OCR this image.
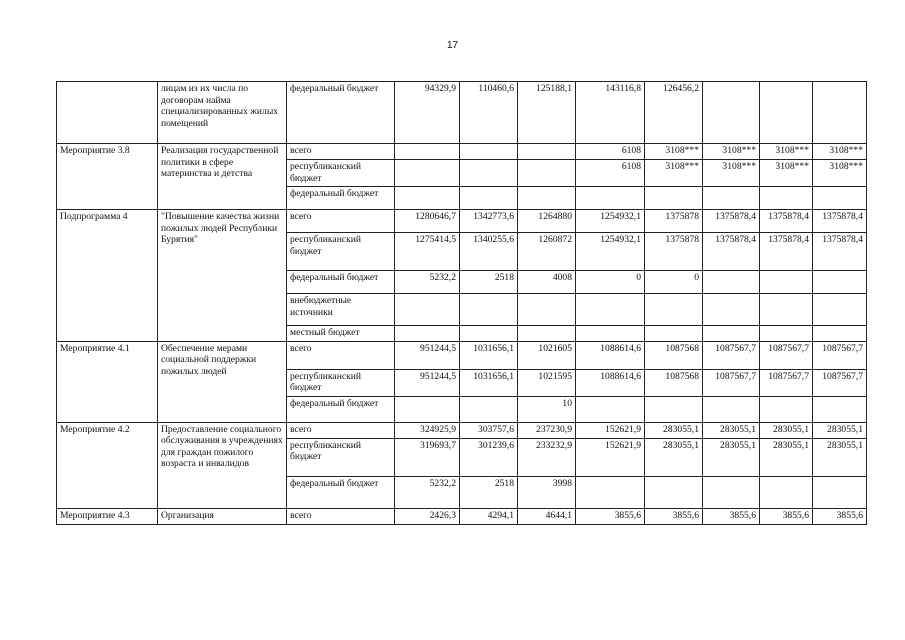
17
	лицам из их числа по договорам найма специализированных жилых помещений	федеральный бюджет	94329,9	110460,6	125188,1	143116,8	126456,2			
Мероприятие 3.8	Реализация государственной политики в сфере материнства и детства	всего				6108	3108***	3108***	3108***	3108***
		республиканский бюджет				6108	3108***	3108***	3108***	3108***
		федеральный бюджет								
Подпрограмма 4	"Повышение качества жизни пожилых людей Республики Бурятия"	всего	1280646,7	1342773,6	1264880	1254932,1	1375878	1375878,4	1375878,4	1375878,4
		республиканский бюджет	1275414,5	1340255,6	1260872	1254932,1	1375878	1375878,4	1375878,4	1375878,4
		федеральный бюджет	5232,2	2518	4008	0	0			
		внебюджетные источники								
		местный бюджет								
Мероприятие 4.1	Обеспечение мерами социальной поддержки пожилых людей	всего	951244,5	1031656,1	1021605	1088614,6	1087568	1087567,7	1087567,7	1087567,7
		республиканский бюджет	951244,5	1031656,1	1021595	1088614,6	1087568	1087567,7	1087567,7	1087567,7
		федеральный бюджет			10					
Мероприятие 4.2	Предоставление социального обслуживания в учреждениях для граждан пожилого возраста и инвалидов	всего	324925,9	303757,6	237230,9	152621,9	283055,1	283055,1	283055,1	283055,1
		республиканский бюджет	319693,7	301239,6	233232,9	152621,9	283055,1	283055,1	283055,1	283055,1
		федеральный бюджет	5232,2	2518	3998					
Мероприятие 4.3	Организация	всего	2426,3	4294,1	4644,1	3855,6	3855,6	3855,6	3855,6	3855,6
